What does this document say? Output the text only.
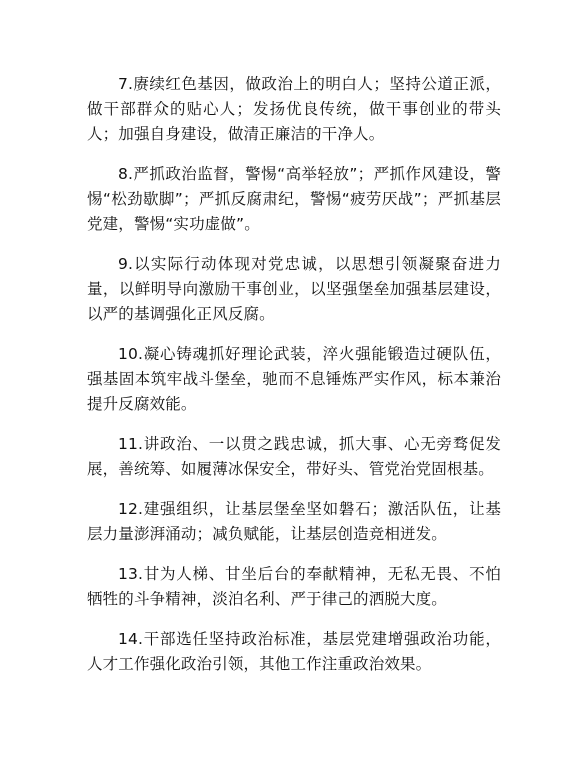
7.赓续红色基因，做政治上的明白人；坚持公道正派，做干部群众的贴心人；发扬优良传统，做干事创业的带头人；加强自身建设，做清正廉洁的干净人。

8.严抓政治监督，警惕“高举轻放”；严抓作风建设，警惕“松劲歇脚”；严抓反腐肃纪，警惕“疲劳厌战”；严抓基层党建，警惕“实功虚做”。

9.以实际行动体现对党忠诚，以思想引领凝聚奋进力量，以鲜明导向激励干事创业，以坚强堡垒加强基层建设，以严的基调强化正风反腐。

10.凝心铸魂抓好理论武装，淬火强能锻造过硬队伍，强基固本筑牢战斗堡垒，驰而不息锤炼严实作风，标本兼治提升反腐效能。

11.讲政治、一以贯之践忠诚，抓大事、心无旁骛促发展，善统筹、如履薄冰保安全，带好头、管党治党固根基。

12.建强组织，让基层堡垒坚如磐石；激活队伍，让基层力量澎湃涌动；减负赋能，让基层创造竞相迸发。

13.甘为人梯、甘坐后台的奉献精神，无私无畏、不怕牺牲的斗争精神，淡泊名利、严于律己的洒脱大度。

14.干部选任坚持政治标准，基层党建增强政治功能，人才工作强化政治引领，其他工作注重政治效果。
